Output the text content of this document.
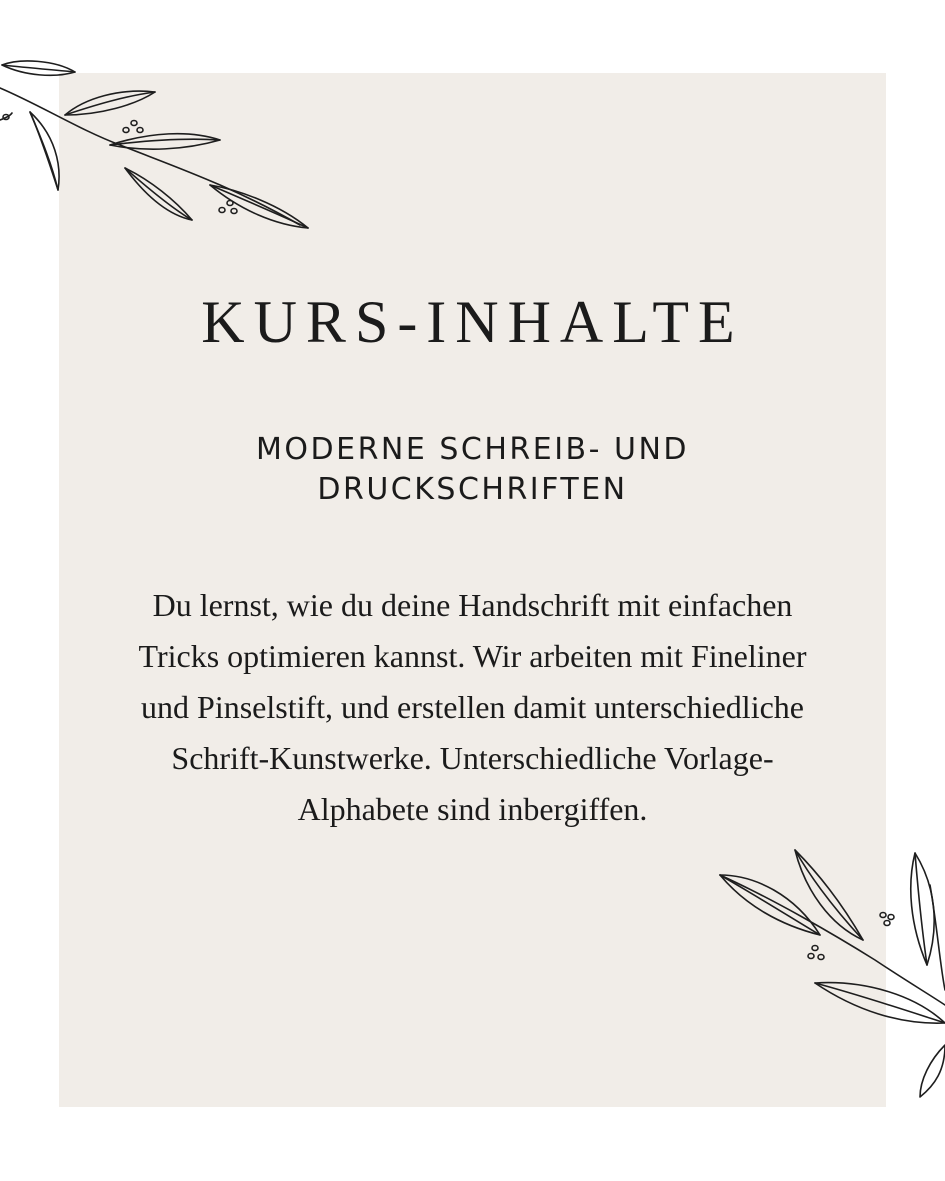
KURS-INHALTE
MODERNE SCHREIB- UND
DRUCKSCHRIFTEN
Du lernst, wie du deine Handschrift mit einfachen
Tricks optimieren kannst. Wir arbeiten mit Fineliner
und Pinselstift, und erstellen damit unterschiedliche
Schrift-Kunstwerke. Unterschiedliche Vorlage-
Alphabete sind inbergiffen.
